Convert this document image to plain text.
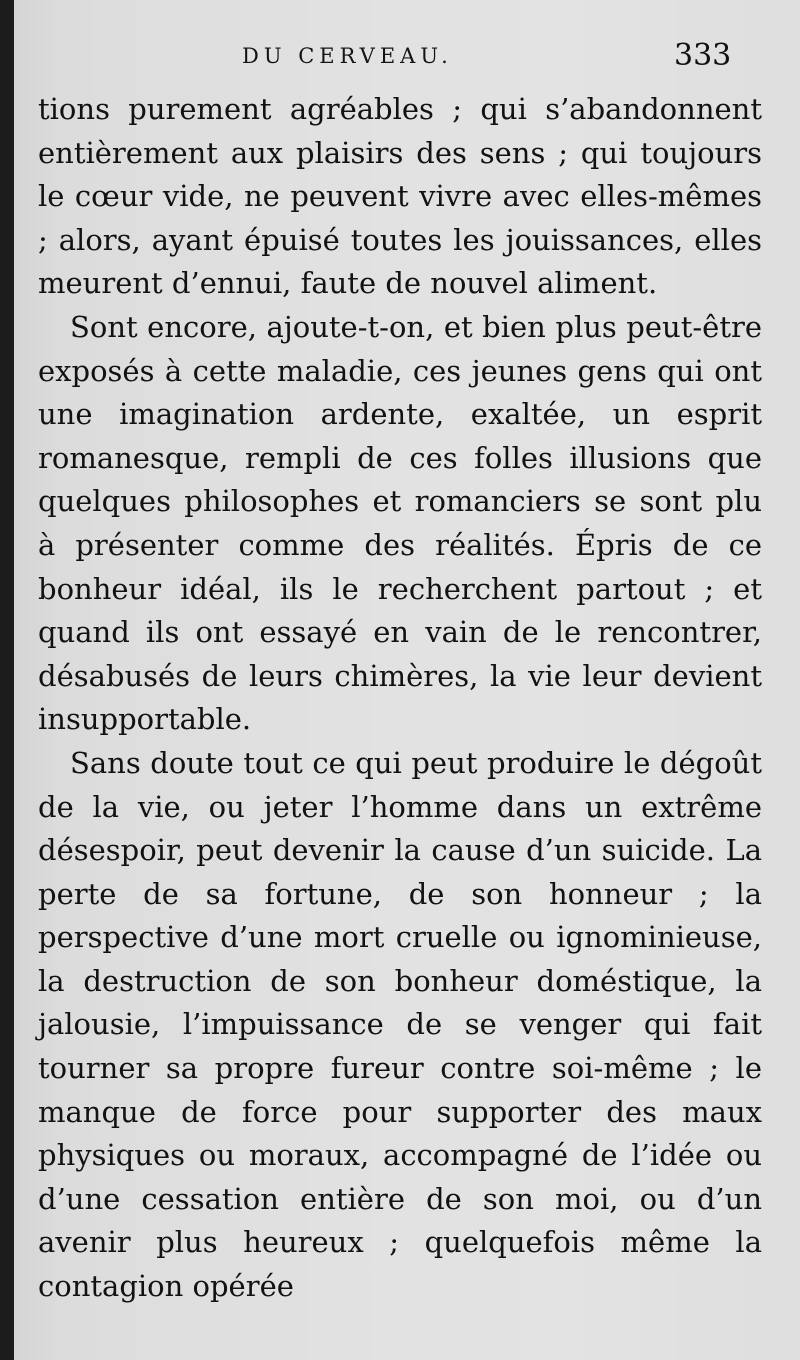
DU CERVEAU.	333

tions purement agréables ; qui s’abandonnent entièrement aux plaisirs des sens ; qui toujours le cœur vide, ne peuvent vivre avec elles-mêmes ; alors, ayant épuisé toutes les jouissances, elles meurent d’ennui, faute de nouvel aliment.

Sont encore, ajoute-t-on, et bien plus peut-être exposés à cette maladie, ces jeunes gens qui ont une imagination ardente, exaltée, un esprit romanesque, rempli de ces folles illusions que quelques philosophes et romanciers se sont plu à présenter comme des réalités. Épris de ce bonheur idéal, ils le recherchent partout ; et quand ils ont essayé en vain de le rencontrer, désabusés de leurs chimères, la vie leur devient insupportable.

Sans doute tout ce qui peut produire le dégoût de la vie, ou jeter l’homme dans un extrême désespoir, peut devenir la cause d’un suicide. La perte de sa fortune, de son honneur ; la perspective d’une mort cruelle ou ignominieuse, la destruction de son bonheur doméstique, la jalousie, l’impuissance de se venger qui fait tourner sa propre fureur contre soi-même ; le manque de force pour supporter des maux physiques ou moraux, accompagné de l’idée ou d’une cessation entière de son moi, ou d’un avenir plus heureux ; quelquefois même la contagion opérée
